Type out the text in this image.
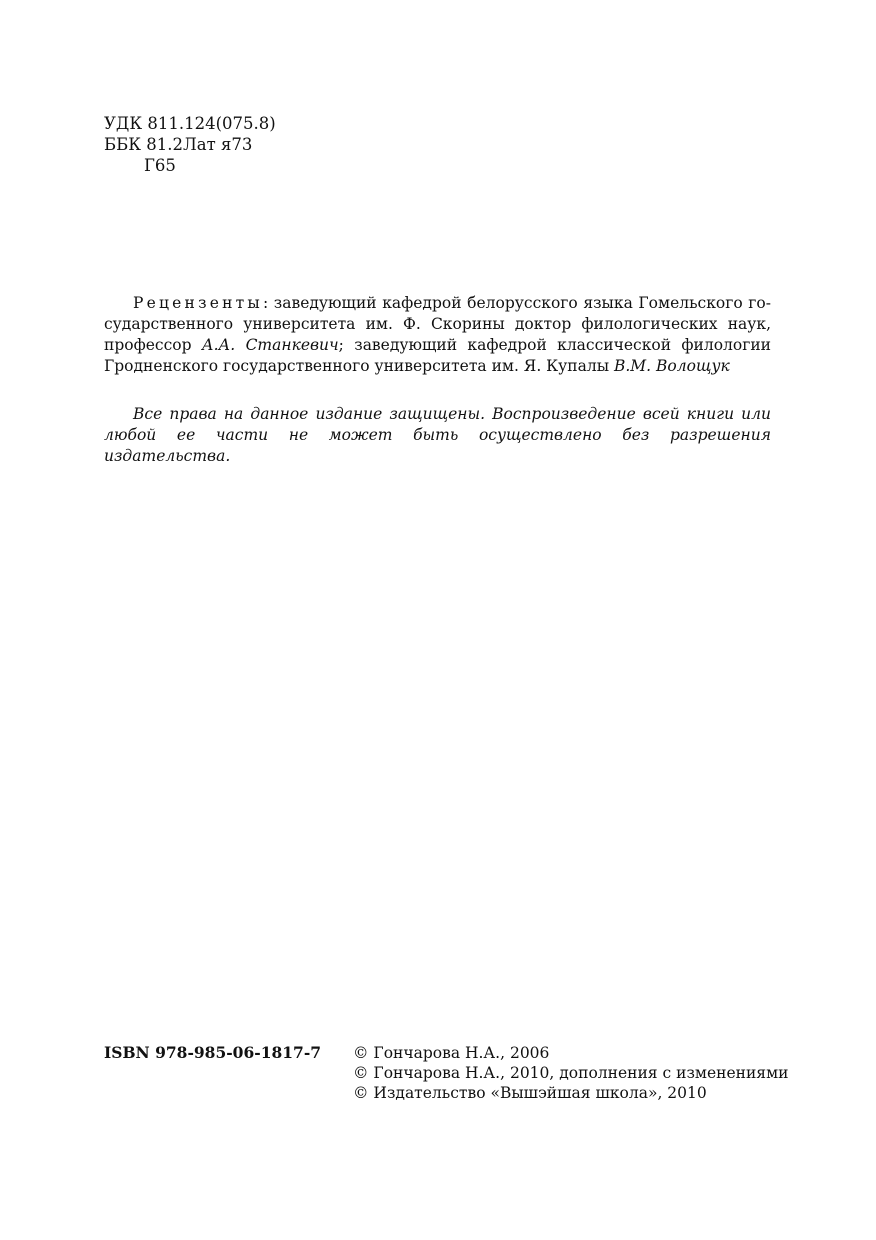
УДК 811.124(075.8)
ББК 81.2Лат я73
Г65

Рецензенты: заведующий кафедрой белорусского языка Гомельского государственного университета им. Ф. Скорины доктор филологических наук, профессор А.А. Станкевич; заведующий кафедрой классической филологии Гродненского государственного университета им. Я. Купалы В.М. Волощук

Все права на данное издание защищены. Воспроизведение всей книги или любой ее части не может быть осуществлено без разрешения издательства.

ISBN 978-985-06-1817-7 © Гончарова Н.А., 2006
© Гончарова Н.А., 2010, дополнения с изменениями
© Издательство «Вышэйшая школа», 2010
